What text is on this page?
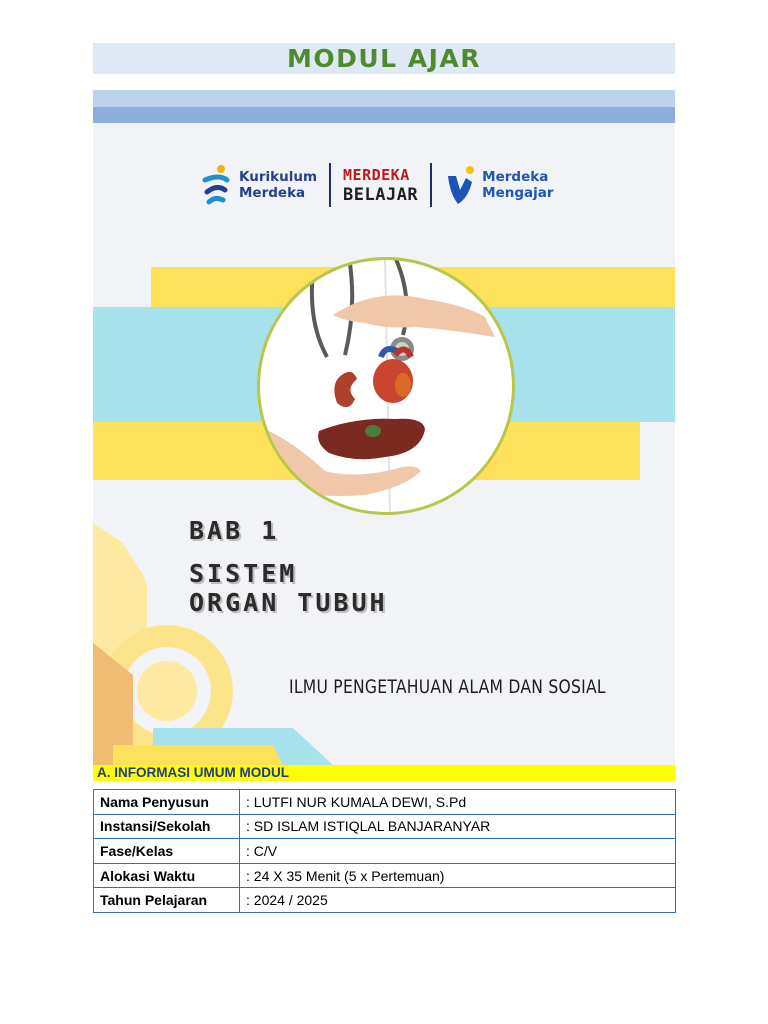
MODUL AJAR
Kurikulum
Merdeka
MERDEKA
BELAJAR
Merdeka
Mengajar
BAB 1
SISTEM
ORGAN TUBUH
ILMU PENGETAHUAN ALAM DAN SOSIAL
A. INFORMASI UMUM MODUL
Nama Penyusun	: LUTFI NUR KUMALA DEWI, S.Pd
Instansi/Sekolah	: SD ISLAM ISTIQLAL BANJARANYAR
Fase/Kelas	: C/V
Alokasi Waktu	: 24 X 35 Menit (5 x Pertemuan)
Tahun Pelajaran	: 2024 / 2025
